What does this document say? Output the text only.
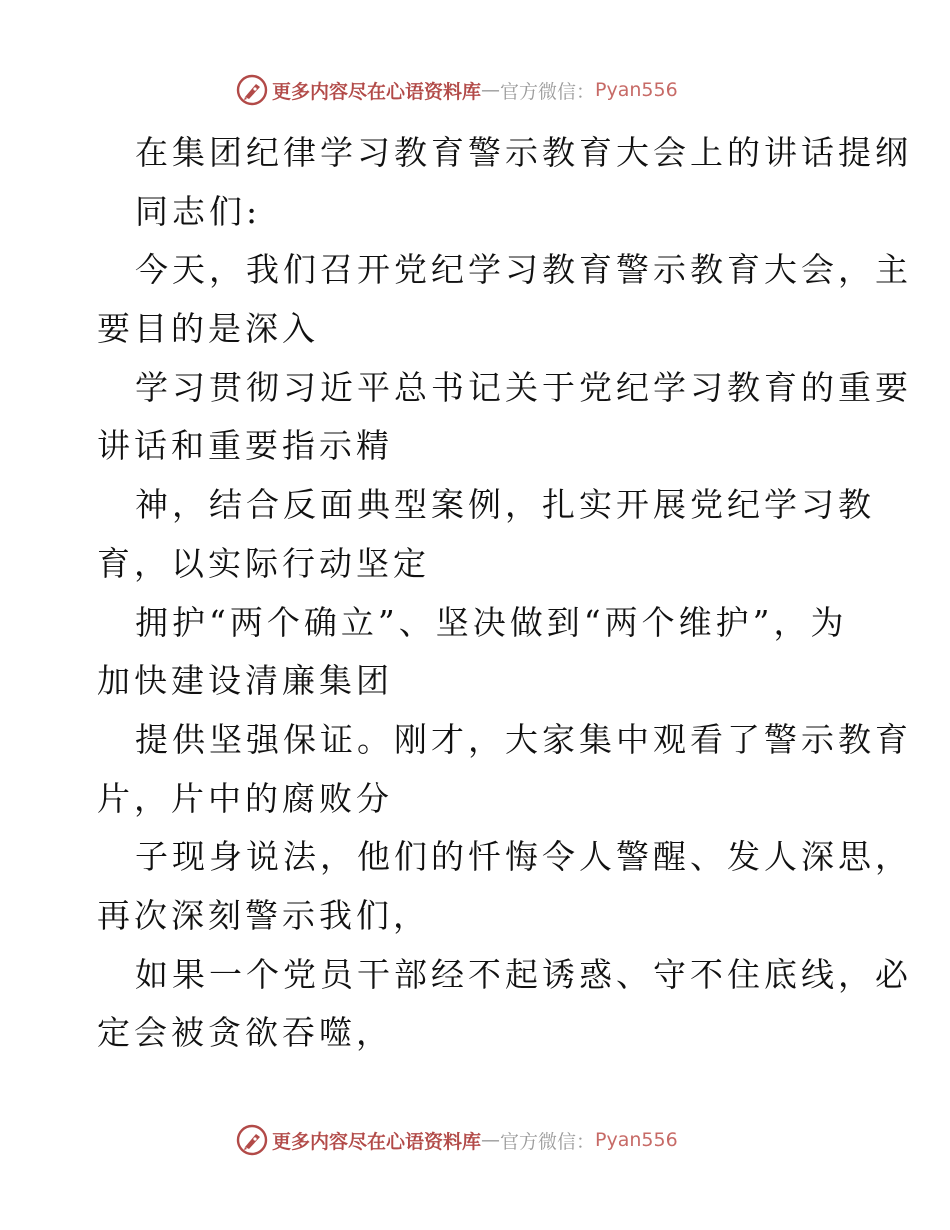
更多内容尽在心语资料库 — 官方微信： Pyan556
在集团纪律学习教育警示教育大会上的讲话提纲
同志们:
今天，我们召开党纪学习教育警示教育大会，主
要目的是深入
学习贯彻习近平总书记关于党纪学习教育的重要
讲话和重要指示精
神，结合反面典型案例，扎实开展党纪学习教
育，以实际行动坚定
拥护“两个确立”、坚决做到“两个维护”，为
加快建设清廉集团
提供坚强保证。刚才，大家集中观看了警示教育
片，片中的腐败分
子现身说法，他们的忏悔令人警醒、发人深思，
再次深刻警示我们，
如果一个党员干部经不起诱惑、守不住底线，必
定会被贪欲吞噬，
更多内容尽在心语资料库 — 官方微信： Pyan556
